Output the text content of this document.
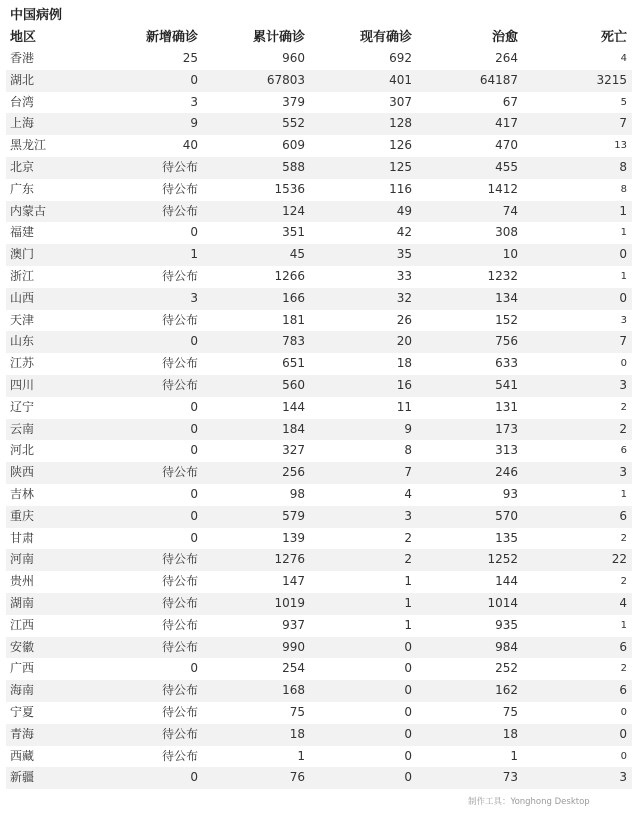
中国病例
地区	新增确诊	累计确诊	现有确诊	治愈	死亡
香港	25	960	692	264	4
湖北	0	67803	401	64187	3215
台湾	3	379	307	67	5
上海	9	552	128	417	7
黑龙江	40	609	126	470	13
北京	待公布	588	125	455	8
广东	待公布	1536	116	1412	8
内蒙古	待公布	124	49	74	1
福建	0	351	42	308	1
澳门	1	45	35	10	0
浙江	待公布	1266	33	1232	1
山西	3	166	32	134	0
天津	待公布	181	26	152	3
山东	0	783	20	756	7
江苏	待公布	651	18	633	0
四川	待公布	560	16	541	3
辽宁	0	144	11	131	2
云南	0	184	9	173	2
河北	0	327	8	313	6
陕西	待公布	256	7	246	3
吉林	0	98	4	93	1
重庆	0	579	3	570	6
甘肃	0	139	2	135	2
河南	待公布	1276	2	1252	22
贵州	待公布	147	1	144	2
湖南	待公布	1019	1	1014	4
江西	待公布	937	1	935	1
安徽	待公布	990	0	984	6
广西	0	254	0	252	2
海南	待公布	168	0	162	6
宁夏	待公布	75	0	75	0
青海	待公布	18	0	18	0
西藏	待公布	1	0	1	0
新疆	0	76	0	73	3
制作工具：Yonghong Desktop
